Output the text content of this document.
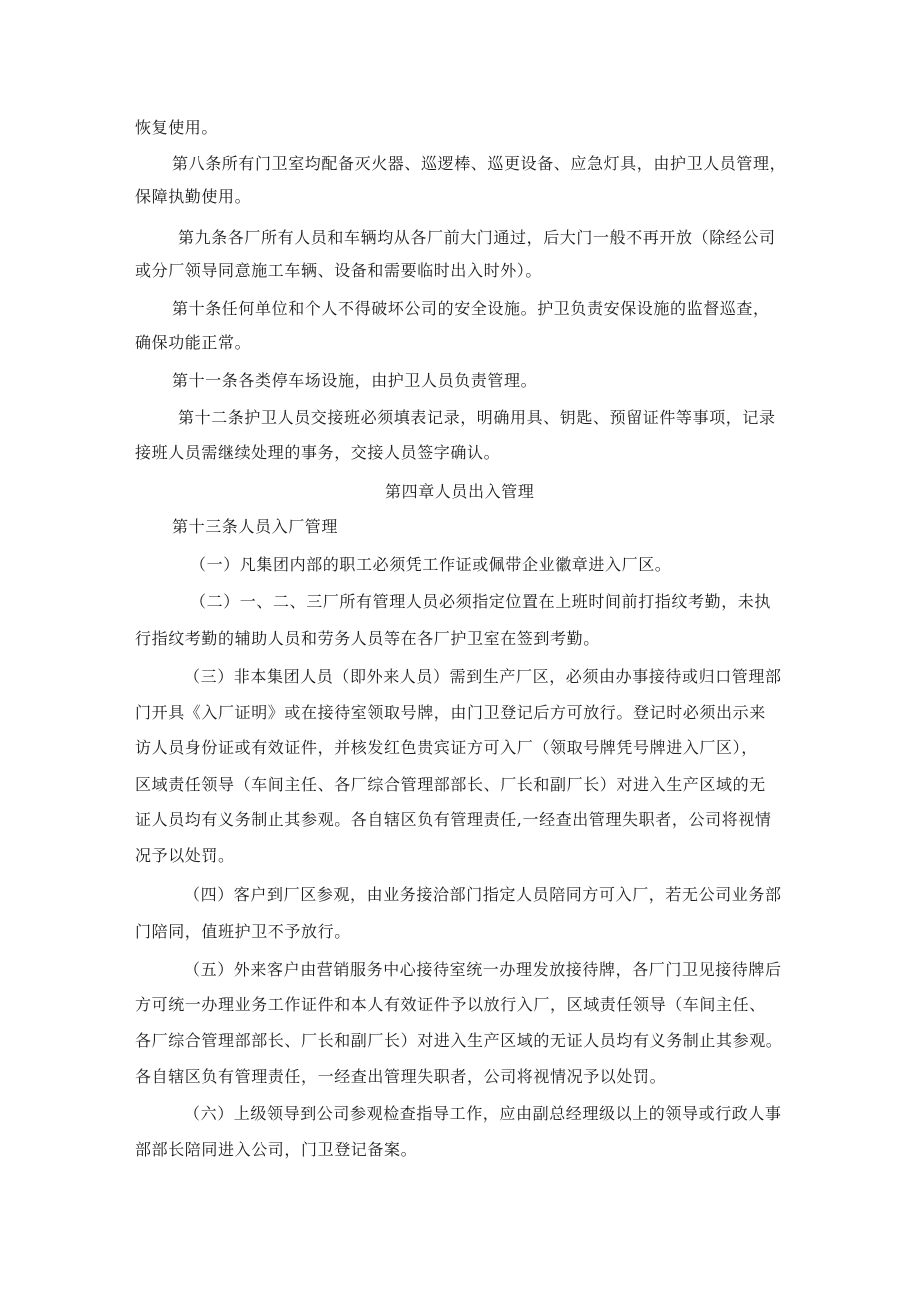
恢复使用。
第八条所有门卫室均配备灭火器、巡逻棒、巡更设备、应急灯具，由护卫人员管理，
保障执勤使用。
第九条各厂所有人员和车辆均从各厂前大门通过，后大门一般不再开放（除经公司
或分厂领导同意施工车辆、设备和需要临时出入时外）。
第十条任何单位和个人不得破坏公司的安全设施。护卫负责安保设施的监督巡查，
确保功能正常。
第十一条各类停车场设施，由护卫人员负责管理。
第十二条护卫人员交接班必须填表记录，明确用具、钥匙、预留证件等事项，记录
接班人员需继续处理的事务，交接人员签字确认。
第四章人员出入管理
第十三条人员入厂管理
（一）凡集团内部的职工必须凭工作证或佩带企业徽章进入厂区。
（二）一、二、三厂所有管理人员必须指定位置在上班时间前打指纹考勤，未执
行指纹考勤的辅助人员和劳务人员等在各厂护卫室在签到考勤。
（三）非本集团人员（即外来人员）需到生产厂区，必须由办事接待或归口管理部
门开具《入厂证明》或在接待室领取号牌，由门卫登记后方可放行。登记时必须出示来
访人员身份证或有效证件，并核发红色贵宾证方可入厂（领取号牌凭号牌进入厂区），
区域责任领导（车间主任、各厂综合管理部部长、厂长和副厂长）对进入生产区域的无
证人员均有义务制止其参观。各自辖区负有管理责任,一经查出管理失职者，公司将视情
况予以处罚。
（四）客户到厂区参观，由业务接洽部门指定人员陪同方可入厂，若无公司业务部
门陪同，值班护卫不予放行。
（五）外来客户由营销服务中心接待室统一办理发放接待牌，各厂门卫见接待牌后
方可统一办理业务工作证件和本人有效证件予以放行入厂，区域责任领导（车间主任、
各厂综合管理部部长、厂长和副厂长）对进入生产区域的无证人员均有义务制止其参观。
各自辖区负有管理责任，一经查出管理失职者，公司将视情况予以处罚。
（六）上级领导到公司参观检查指导工作，应由副总经理级以上的领导或行政人事
部部长陪同进入公司，门卫登记备案。
